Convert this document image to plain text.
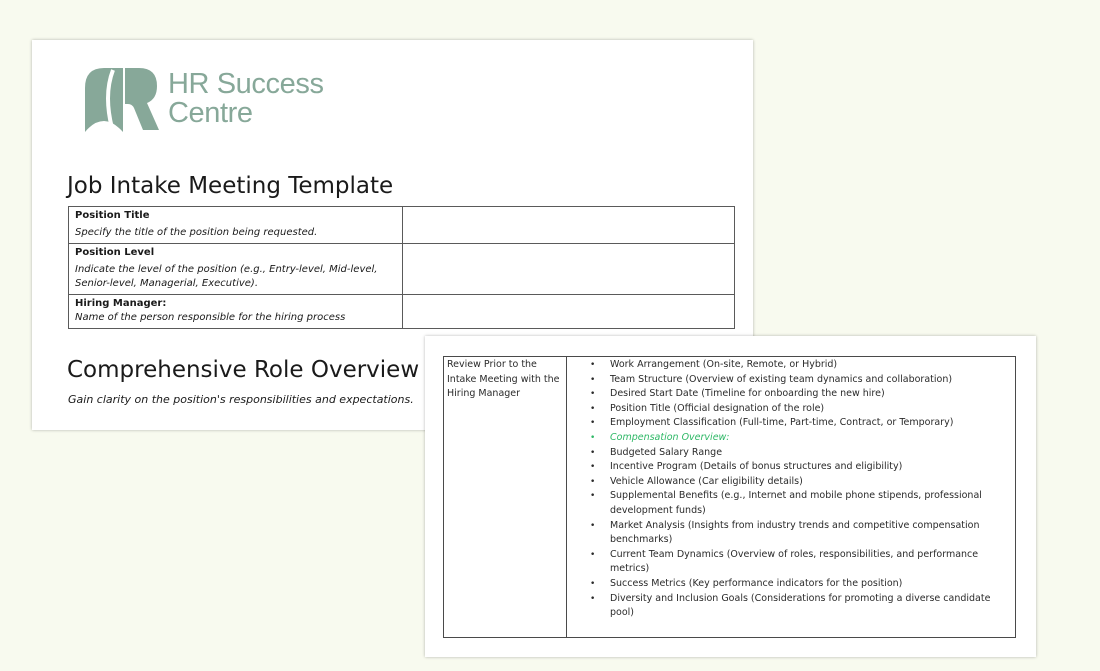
HR Success
Centre
Job Intake Meeting Template
Position Title
Specify the title of the position being requested.	

Position Level
Indicate the level of the position (e.g., Entry-level, Mid-level, Senior-level, Managerial, Executive).	

Hiring Manager:
Name of the person responsible for the hiring process	

Comprehensive Role Overview
Gain clarity on the position's responsibilities and expectations.
Review Prior to the Intake Meeting with the Hiring Manager	
• Work Arrangement (On-site, Remote, or Hybrid)
• Team Structure (Overview of existing team dynamics and collaboration)
• Desired Start Date (Timeline for onboarding the new hire)
• Position Title (Official designation of the role)
• Employment Classification (Full-time, Part-time, Contract, or Temporary)
• Compensation Overview:
• Budgeted Salary Range
• Incentive Program (Details of bonus structures and eligibility)
• Vehicle Allowance (Car eligibility details)
• Supplemental Benefits (e.g., Internet and mobile phone stipends, professional development funds)
• Market Analysis (Insights from industry trends and competitive compensation benchmarks)
• Current Team Dynamics (Overview of roles, responsibilities, and performance metrics)
• Success Metrics (Key performance indicators for the position)
• Diversity and Inclusion Goals (Considerations for promoting a diverse candidate pool)
